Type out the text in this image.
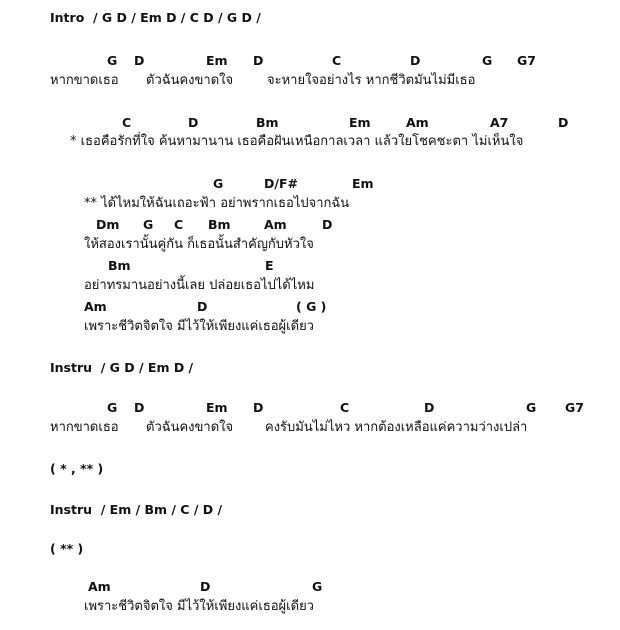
Intro  / G D / Em D / C D / G D /
G D	Em D	C	D	G G7
หากขาดเธอ ตัวฉันคงขาดใจ	จะหายใจอย่างไร หากชีวิตมันไม่มีเธอ
C	D	Bm	Em	Am	A7	D
* เธอคือรักที่ใจ ค้นหามานาน เธอคือฝันเหนือกาลเวลา แล้วใยโชคชะตา ไม่เห็นใจ
G	D/F#	Em
** ได้ไหมให้ฉันเถอะฟ้า อย่าพรากเธอไปจากฉัน
Dm G C Bm	Am	D
ให้สองเรานั้นคู่กัน ก็เธอนั้นสำคัญกับหัวใจ
Bm	E
อย่าทรมานอย่างนี้เลย ปล่อยเธอไปได้ไหม
Am	D	( G )
เพราะชีวิตจิตใจ มีไว้ให้เพียงแค่เธอผู้เดียว
Instru  / G D / Em D /
G D	Em D	C	D	G G7
หากขาดเธอ ตัวฉันคงขาดใจ คงรับมันไม่ไหว หากต้องเหลือแค่ความว่างเปล่า
( * , ** )
Instru  / Em / Bm / C / D /
( ** )
Am	D	G
เพราะชีวิตจิตใจ มีไว้ให้เพียงแค่เธอผู้เดียว
